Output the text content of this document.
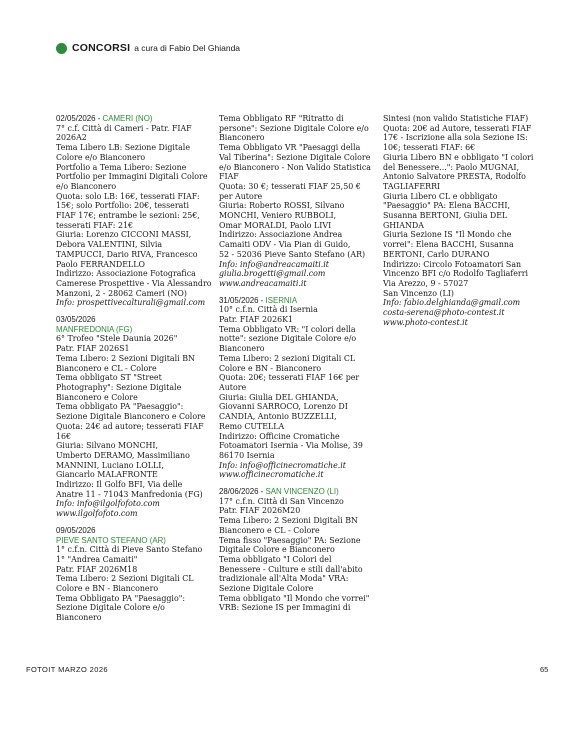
CONCORSI a cura di Fabio Del Ghianda

02/05/2026 - CAMERI (NO)

7° c.f. Città di Cameri - Patr. FIAF

2026A2

Tema Libero LB: Sezione Digitale

Colore e/o Bianconero

Portfolio a Tema Libero: Sezione

Portfolio per Immagini Digitali Colore

e/o Bianconero

Quota: solo LB: 16€, tesserati FIAF:

15€; solo Portfolio: 20€, tesserati

FIAF 17€; entrambe le sezioni: 25€,

tesserati FIAF: 21€

Giuria: Lorenzo CICCONI MASSI,

Debora VALENTINI, Silvia

TAMPUCCI, Dario RIVA, Francesco

Paolo FERRANDELLO

Indirizzo: Associazione Fotografica

Camerese Prospettive - Via Alessandro

Manzoni, 2 - 28062 Cameri (NO)

Info: prospettivecalturali@gmail.com

03/05/2026

MANFREDONIA (FG)

6° Trofeo "Stele Daunia 2026"

Patr. FIAF 2026S1

Tema Libero: 2 Sezioni Digitali BN

Bianconero e CL - Colore

Tema obbligato ST "Street

Photography": Sezione Digitale

Bianconero e Colore

Tema obbligato PA "Paesaggio":

Sezione Digitale Bianconero e Colore

Quota: 24€ ad autore; tesserati FIAF

16€

Giuria: Silvano MONCHI,

Umberto DERAMO, Massimiliano

MANNINI, Luciano LOLLI,

Giancarlo MALAFRONTE

Indirizzo: Il Golfo BFI, Via delle

Anatre 11 - 71043 Manfredonia (FG)

Info: info@ilgolfofoto.com

www.ilgolfofoto.com

09/05/2026

PIEVE SANTO STEFANO (AR)

1° c.f.n. Città di Pieve Santo Stefano

1° "Andrea Camaiti"

Patr. FIAF 2026M18

Tema Libero: 2 Sezioni Digitali CL

Colore e BN - Bianconero

Tema Obbligato PA "Paesaggio":

Sezione Digitale Colore e/o

Bianconero

Tema Obbligato RF "Ritratto di

persone": Sezione Digitale Colore e/o

Bianconero

Tema Obbligato VR "Paesaggi della

Val Tiberina": Sezione Digitale Colore

e/o Bianconero - Non Valido Statistica

FIAF

Quota: 30 €; tesserati FIAF 25,50 €

per Autore

Giuria: Roberto ROSSI, Silvano

MONCHI, Veniero RUBBOLI,

Omar MORALDI, Paolo LIVI

Indirizzo: Associazione Andrea

Camaiti ODV - Via Pian di Guido,

52 - 52036 Pieve Santo Stefano (AR)

Info: info@andreacamaiti.it

giulia.brogetti@gmail.com

www.andreacamaiti.it

31/05/2026 - ISERNIA

10° c.f.n. Città di Isernia

Patr. FIAF 2026K1

Tema Obbligato VR: "I colori della

notte": sezione Digitale Colore e/o

Bianconero

Tema Libero: 2 sezioni Digitali CL

Colore e BN - Bianconero

Quota: 20€; tesserati FIAF 16€ per

Autore

Giuria: Giulia DEL GHIANDA,

Giovanni SARROCO, Lorenzo DI

CANDIA, Antonio BUZZELLI,

Remo CUTELLA

Indirizzo: Officine Cromatiche

Fotoamatori Isernia - Via Molise, 39

86170 Isernia

Info: info@officinecromatiche.it

www.officinecromatiche.it

28/06/2026 - SAN VINCENZO (LI)

17° c.f.n. Città di San Vincenzo

Patr. FIAF 2026M20

Tema Libero: 2 Sezioni Digitali BN

Bianconero e CL - Colore

Tema fisso "Paesaggio" PA: Sezione

Digitale Colore e Bianconero

Tema obbligato "I Colori del

Benessere - Culture e stili dall'abito

tradizionale all'Alta Moda" VRA:

Sezione Digitale Colore

Tema obbligato "Il Mondo che vorrei"

VRB: Sezione IS per Immagini di

Sintesi (non valido Statistiche FIAF)

Quota: 20€ ad Autore, tesserati FIAF

17€ - Iscrizione alla sola Sezione IS:

10€; tesserati FIAF: 6€

Giuria Libero BN e obbligato "I colori

del Benessere...": Paolo MUGNAI,

Antonio Salvatore PRESTA, Rodolfo

TAGLIAFERRI

Giuria Libero CL e obbligato

"Paesaggio" PA: Elena BACCHI,

Susanna BERTONI, Giulia DEL

GHIANDA

Giuria Sezione IS "Il Mondo che

vorrei": Elena BACCHI, Susanna

BERTONI, Carlo DURANO

Indirizzo: Circolo Fotoamatori San

Vincenzo BFI c/o Rodolfo Tagliaferri

Via Arezzo, 9 - 57027

San Vincenzo (LI)

Info: fabio.delghianda@gmail.com

costa-serena@photo-contest.it

www.photo-contest.it

FOTOIT MARZO 2026	65
